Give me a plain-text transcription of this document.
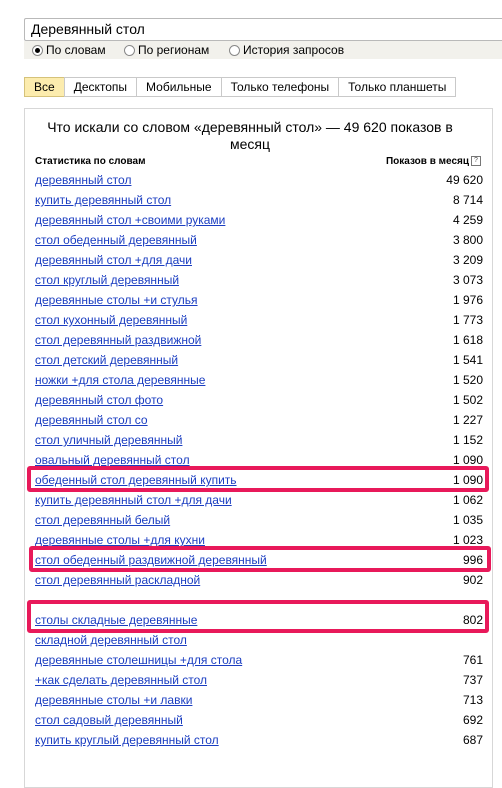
Деревянный стол
По словам	По регионам	История запросов
Все	Десктопы	Мобильные	Только телефоны	Только планшеты
Что искали со словом «деревянный стол» — 49 620 показов в месяц
Статистика по словам	Показов в месяц ?
деревянный стол	49 620
купить деревянный стол	8 714
деревянный стол +своими руками	4 259
стол обеденный деревянный	3 800
деревянный стол +для дачи	3 209
стол круглый деревянный	3 073
деревянные столы +и стулья	1 976
стол кухонный деревянный	1 773
стол деревянный раздвижной	1 618
стол детский деревянный	1 541
ножки +для стола деревянные	1 520
деревянный стол фото	1 502
деревянный стол со	1 227
стол уличный деревянный	1 152
овальный деревянный стол	1 090
обеденный стол деревянный купить	1 090
купить деревянный стол +для дачи	1 062
стол деревянный белый	1 035
деревянные столы +для кухни	1 023
стол обеденный раздвижной деревянный	996
стол деревянный раскладной	902
столы складные деревянные	802
складной деревянный стол
деревянные столешницы +для стола	761
+как сделать деревянный стол	737
деревянные столы +и лавки	713
стол садовый деревянный	692
купить круглый деревянный стол	687
